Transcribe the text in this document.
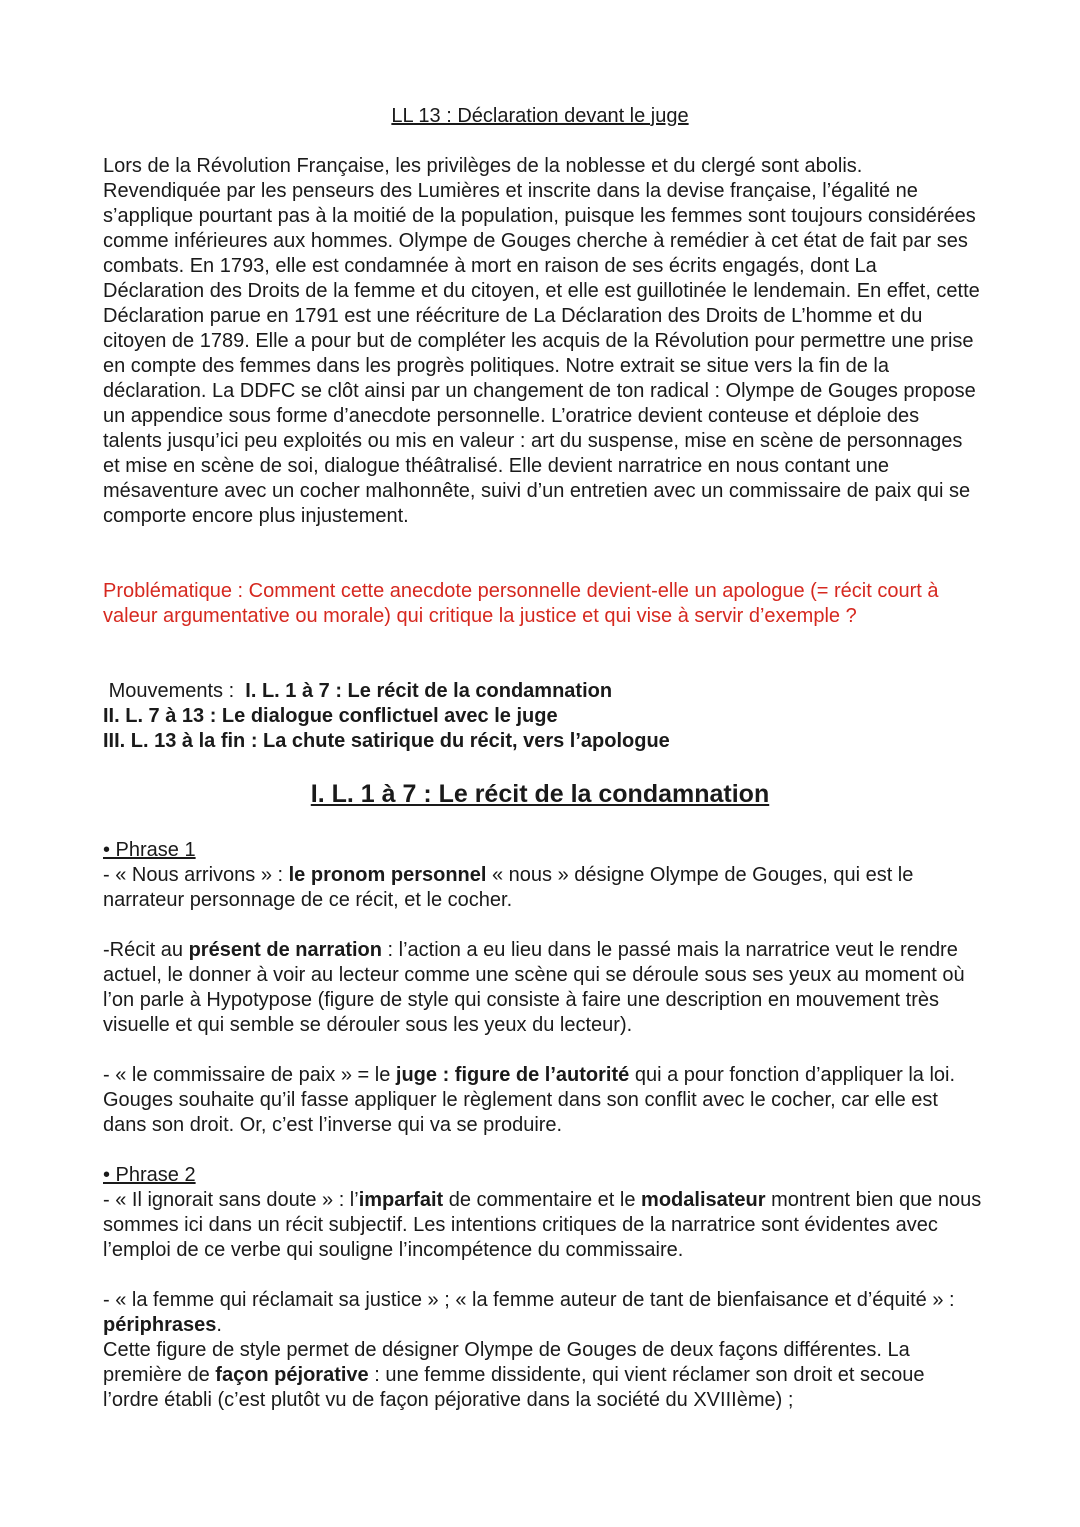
LL 13 : Déclaration devant le juge

Lors de la Révolution Française, les privilèges de la noblesse et du clergé sont abolis. Revendiquée par les penseurs des Lumières et inscrite dans la devise française, l’égalité ne s’applique pourtant pas à la moitié de la population, puisque les femmes sont toujours considérées comme inférieures aux hommes. Olympe de Gouges cherche à remédier à cet état de fait par ses combats. En 1793, elle est condamnée à mort en raison de ses écrits engagés, dont La Déclaration des Droits de la femme et du citoyen, et elle est guillotinée le lendemain. En effet, cette Déclaration parue en 1791 est une réécriture de La Déclaration des Droits de L’homme et du citoyen de 1789. Elle a pour but de compléter les acquis de la Révolution pour permettre une prise en compte des femmes dans les progrès politiques. Notre extrait se situe vers la fin de la déclaration. La DDFC se clôt ainsi par un changement de ton radical : Olympe de Gouges propose un appendice sous forme d’anecdote personnelle. L’oratrice devient conteuse et déploie des talents jusqu’ici peu exploités ou mis en valeur : art du suspense, mise en scène de personnages et mise en scène de soi, dialogue théâtralisé. Elle devient narratrice en nous contant une mésaventure avec un cocher malhonnête, suivi d’un entretien avec un commissaire de paix qui se comporte encore plus injustement.

Problématique : Comment cette anecdote personnelle devient-elle un apologue (= récit court à valeur argumentative ou morale) qui critique la justice et qui vise à servir d’exemple ?

Mouvements : I. L. 1 à 7 : Le récit de la condamnation
II. L. 7 à 13 : Le dialogue conflictuel avec le juge
III. L. 13 à la fin : La chute satirique du récit, vers l’apologue
I. L. 1 à 7 : Le récit de la condamnation
• Phrase 1

- « Nous arrivons » : le pronom personnel « nous » désigne Olympe de Gouges, qui est le narrateur personnage de ce récit, et le cocher.

-Récit au présent de narration : l’action a eu lieu dans le passé mais la narratrice veut le rendre actuel, le donner à voir au lecteur comme une scène qui se déroule sous ses yeux au moment où l’on parle à Hypotypose (figure de style qui consiste à faire une description en mouvement très visuelle et qui semble se dérouler sous les yeux du lecteur).

- « le commissaire de paix » = le juge : figure de l’autorité qui a pour fonction d’appliquer la loi. Gouges souhaite qu’il fasse appliquer le règlement dans son conflit avec le cocher, car elle est dans son droit. Or, c’est l’inverse qui va se produire.

• Phrase 2

- « Il ignorait sans doute » : l’imparfait de commentaire et le modalisateur montrent bien que nous sommes ici dans un récit subjectif. Les intentions critiques de la narratrice sont évidentes avec l’emploi de ce verbe qui souligne l’incompétence du commissaire.

- « la femme qui réclamait sa justice » ; « la femme auteur de tant de bienfaisance et d’équité » : périphrases.

Cette figure de style permet de désigner Olympe de Gouges de deux façons différentes. La première de façon péjorative : une femme dissidente, qui vient réclamer son droit et secoue l’ordre établi (c’est plutôt vu de façon péjorative dans la société du XVIIIème) ;
